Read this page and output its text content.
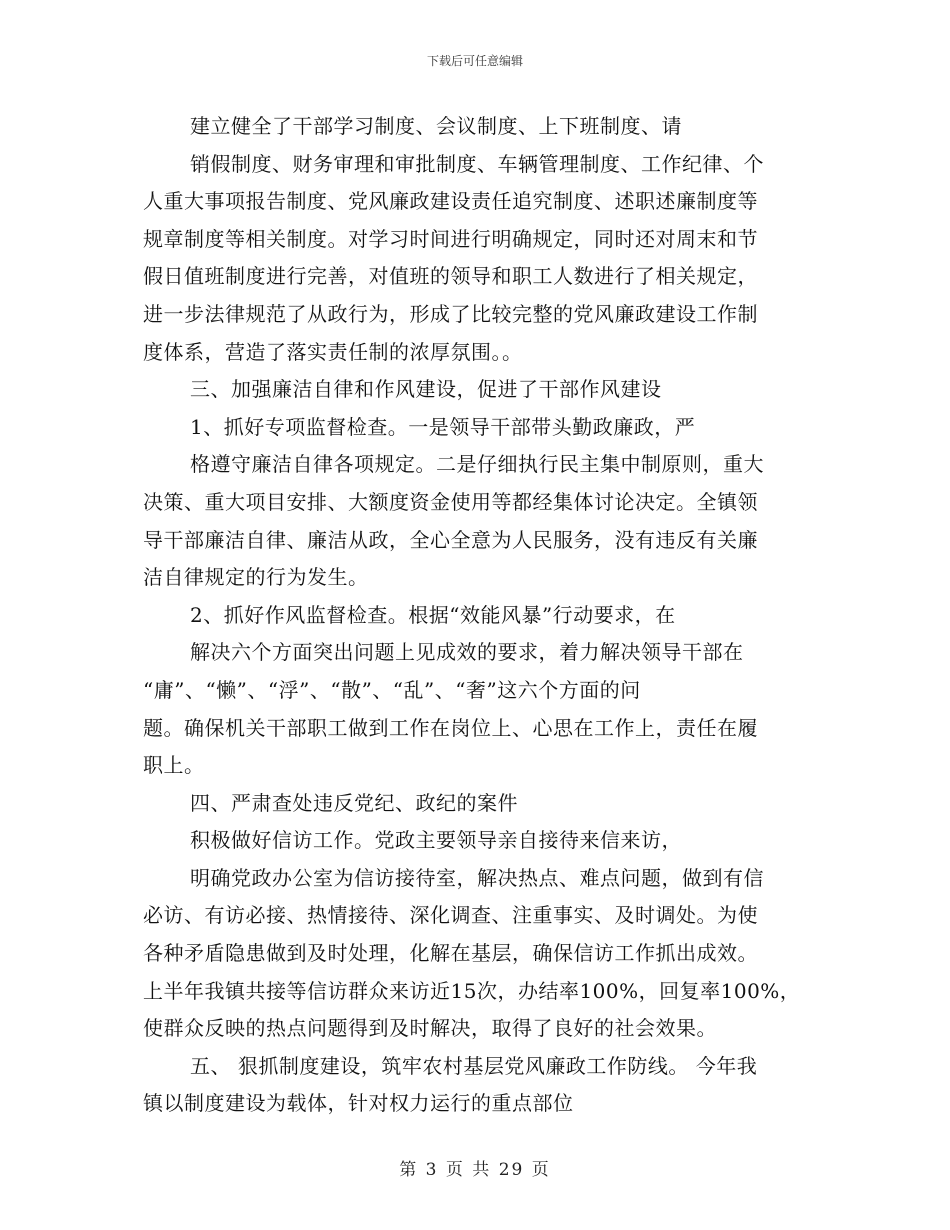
下载后可任意编辑
建立健全了干部学习制度、会议制度、上下班制度、请
销假制度、财务审理和审批制度、车辆管理制度、工作纪律、个
人重大事项报告制度、党风廉政建设责任追究制度、述职述廉制度等
规章制度等相关制度。对学习时间进行明确规定，同时还对周末和节
假日值班制度进行完善，对值班的领导和职工人数进行了相关规定，
进一步法律规范了从政行为，形成了比较完整的党风廉政建设工作制
度体系，营造了落实责任制的浓厚氛围。。
三、加强廉洁自律和作风建设，促进了干部作风建设
1、抓好专项监督检查。一是领导干部带头勤政廉政，严
格遵守廉洁自律各项规定。二是仔细执行民主集中制原则，重大
决策、重大项目安排、大额度资金使用等都经集体讨论决定。全镇领
导干部廉洁自律、廉洁从政，全心全意为人民服务，没有违反有关廉
洁自律规定的行为发生。
2、抓好作风监督检查。根据“效能风暴”行动要求，在
解决六个方面突出问题上见成效的要求，着力解决领导干部在
“庸”、“懒”、“浮”、“散”、“乱”、“奢”这六个方面的问
题。确保机关干部职工做到工作在岗位上、心思在工作上，责任在履
职上。
四、严肃查处违反党纪、政纪的案件
积极做好信访工作。党政主要领导亲自接待来信来访，
明确党政办公室为信访接待室，解决热点、难点问题，做到有信
必访、有访必接、热情接待、深化调查、注重事实、及时调处。为使
各种矛盾隐患做到及时处理，化解在基层，确保信访工作抓出成效。
上半年我镇共接等信访群众来访近15次，办结率100%，回复率100%，
使群众反映的热点问题得到及时解决，取得了良好的社会效果。
五、 狠抓制度建设，筑牢农村基层党风廉政工作防线。 今年我
镇以制度建设为载体，针对权力运行的重点部位
第 3 页 共 29 页
